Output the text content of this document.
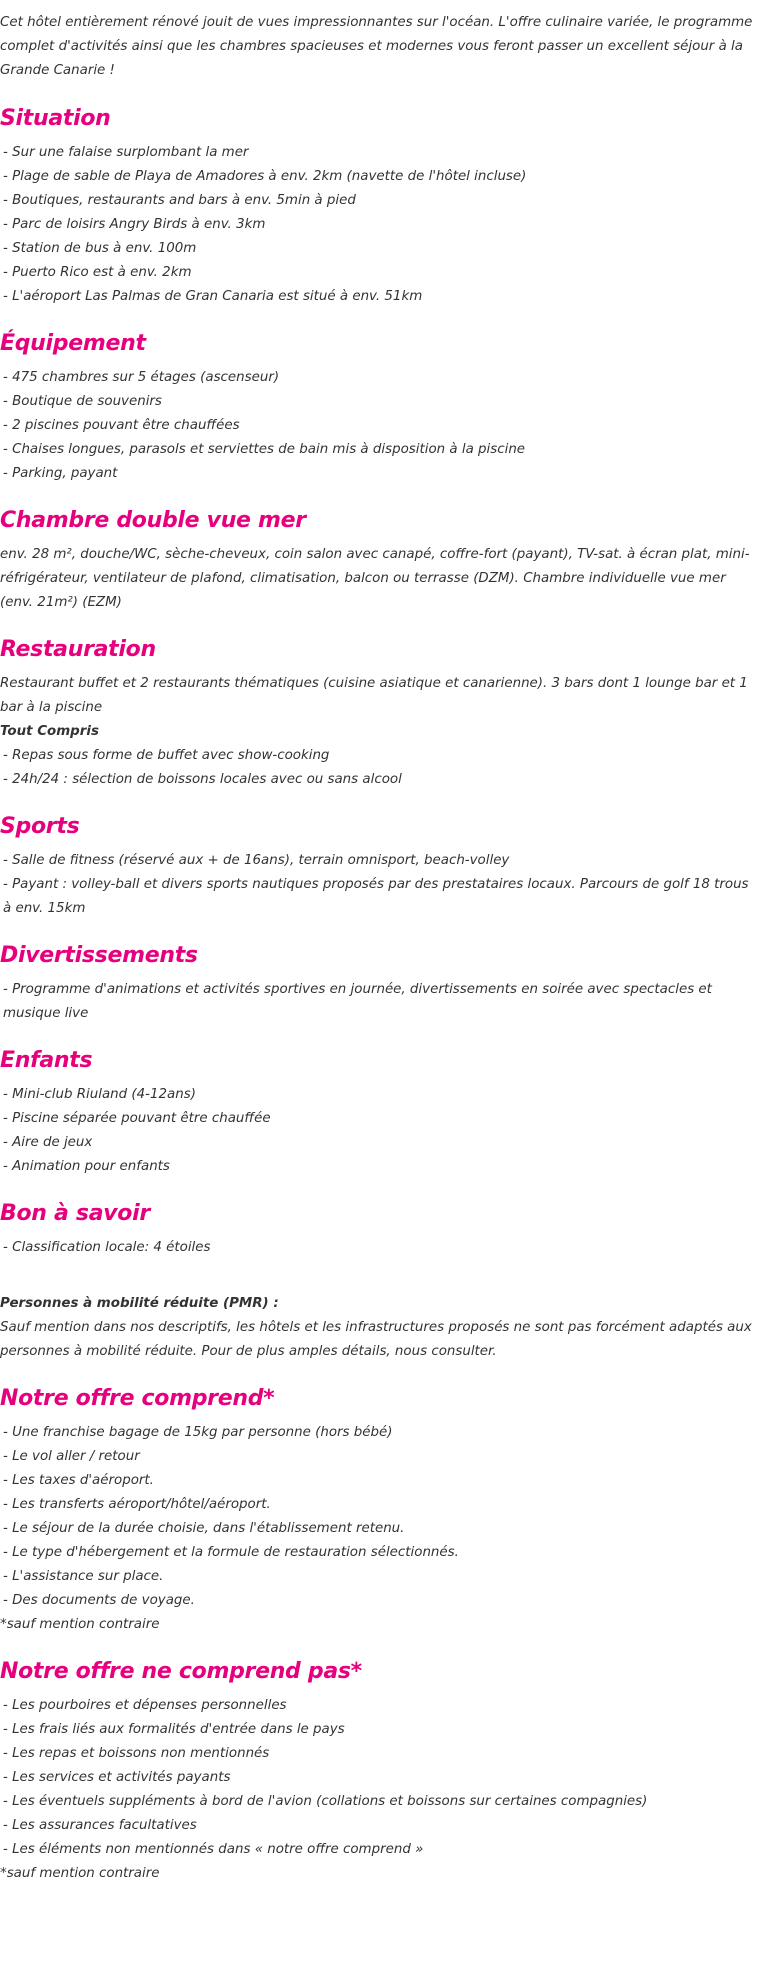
Cet hôtel entièrement rénové jouit de vues impressionnantes sur l'océan. L'offre culinaire variée, le programme complet d'activités ainsi que les chambres spacieuses et modernes vous feront passer un excellent séjour à la Grande Canarie !

Situation
- Sur une falaise surplombant la mer
- Plage de sable de Playa de Amadores à env. 2km (navette de l'hôtel incluse)
- Boutiques, restaurants and bars à env. 5min à pied
- Parc de loisirs Angry Birds à env. 3km
- Station de bus à env. 100m
- Puerto Rico est à env. 2km
- L'aéroport Las Palmas de Gran Canaria est situé à env. 51km
Équipement
- 475 chambres sur 5 étages (ascenseur)
- Boutique de souvenirs
- 2 piscines pouvant être chauffées
- Chaises longues, parasols et serviettes de bain mis à disposition à la piscine
- Parking, payant
Chambre double vue mer

env. 28 m², douche/WC, sèche-cheveux, coin salon avec canapé, coffre-fort (payant), TV-sat. à écran plat, mini-réfrigérateur, ventilateur de plafond, climatisation, balcon ou terrasse (DZM). Chambre individuelle vue mer (env. 21m²) (EZM)

Restauration

Restaurant buffet et 2 restaurants thématiques (cuisine asiatique et canarienne). 3 bars dont 1 lounge bar et 1 bar à la piscine

Tout Compris
- Repas sous forme de buffet avec show-cooking
- 24h/24 : sélection de boissons locales avec ou sans alcool
Sports
- Salle de fitness (réservé aux + de 16ans), terrain omnisport, beach-volley
- Payant : volley-ball et divers sports nautiques proposés par des prestataires locaux. Parcours de golf 18 trous à env. 15km
Divertissements
- Programme d'animations et activités sportives en journée, divertissements en soirée avec spectacles et musique live
Enfants
- Mini-club Riuland (4-12ans)
- Piscine séparée pouvant être chauffée
- Aire de jeux
- Animation pour enfants
Bon à savoir
- Classification locale: 4 étoiles
Personnes à mobilité réduite (PMR) :

Sauf mention dans nos descriptifs, les hôtels et les infrastructures proposés ne sont pas forcément adaptés aux personnes à mobilité réduite. Pour de plus amples détails, nous consulter.

Notre offre comprend*
- Une franchise bagage de 15kg par personne (hors bébé)
- Le vol aller / retour
- Les taxes d'aéroport.
- Les transferts aéroport/hôtel/aéroport.
- Le séjour de la durée choisie, dans l'établissement retenu.
- Le type d'hébergement et la formule de restauration sélectionnés.
- L'assistance sur place.
- Des documents de voyage.
*sauf mention contraire
Notre offre ne comprend pas*
- Les pourboires et dépenses personnelles
- Les frais liés aux formalités d'entrée dans le pays
- Les repas et boissons non mentionnés
- Les services et activités payants
- Les éventuels suppléments à bord de l'avion (collations et boissons sur certaines compagnies)
- Les assurances facultatives
- Les éléments non mentionnés dans « notre offre comprend »
*sauf mention contraire
